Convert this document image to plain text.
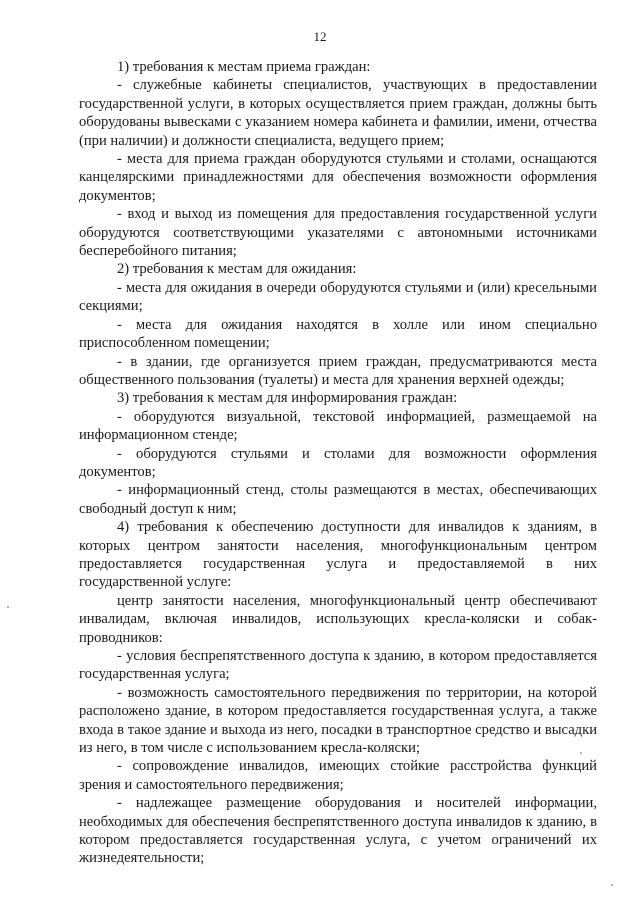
12

1) требования к местам приема граждан:

- служебные кабинеты специалистов, участвующих в предоставлении государственной услуги, в которых осуществляется прием граждан, должны быть оборудованы вывесками с указанием номера кабинета и фамилии, имени, отчества (при наличии) и должности специалиста, ведущего прием;

- места для приема граждан оборудуются стульями и столами, оснащаются канцелярскими принадлежностями для обеспечения возможности оформления документов;

- вход и выход из помещения для предоставления государственной услуги оборудуются соответствующими указателями с автономными источниками бесперебойного питания;

2) требования к местам для ожидания:

- места для ожидания в очереди оборудуются стульями и (или) кресельными секциями;

- места для ожидания находятся в холле или ином специально приспособленном помещении;

- в здании, где организуется прием граждан, предусматриваются места общественного пользования (туалеты) и места для хранения верхней одежды;

3) требования к местам для информирования граждан:

- оборудуются визуальной, текстовой информацией, размещаемой на информационном стенде;

- оборудуются стульями и столами для возможности оформления документов;

- информационный стенд, столы размещаются в местах, обеспечивающих свободный доступ к ним;

4) требования к обеспечению доступности для инвалидов к зданиям, в которых центром занятости населения, многофункциональным центром предоставляется государственная услуга и предоставляемой в них государственной услуге:

центр занятости населения, многофункциональный центр обеспечивают инвалидам, включая инвалидов, использующих кресла-коляски и собак-проводников:

- условия беспрепятственного доступа к зданию, в котором предоставляется государственная услуга;

- возможность самостоятельного передвижения по территории, на которой расположено здание, в котором предоставляется государственная услуга, а также входа в такое здание и выхода из него, посадки в транспортное средство и высадки из него, в том числе с использованием кресла-коляски;

- сопровождение инвалидов, имеющих стойкие расстройства функций зрения и самостоятельного передвижения;

- надлежащее размещение оборудования и носителей информации, необходимых для обеспечения беспрепятственного доступа инвалидов к зданию, в котором предоставляется государственная услуга, с учетом ограничений их жизнедеятельности;
